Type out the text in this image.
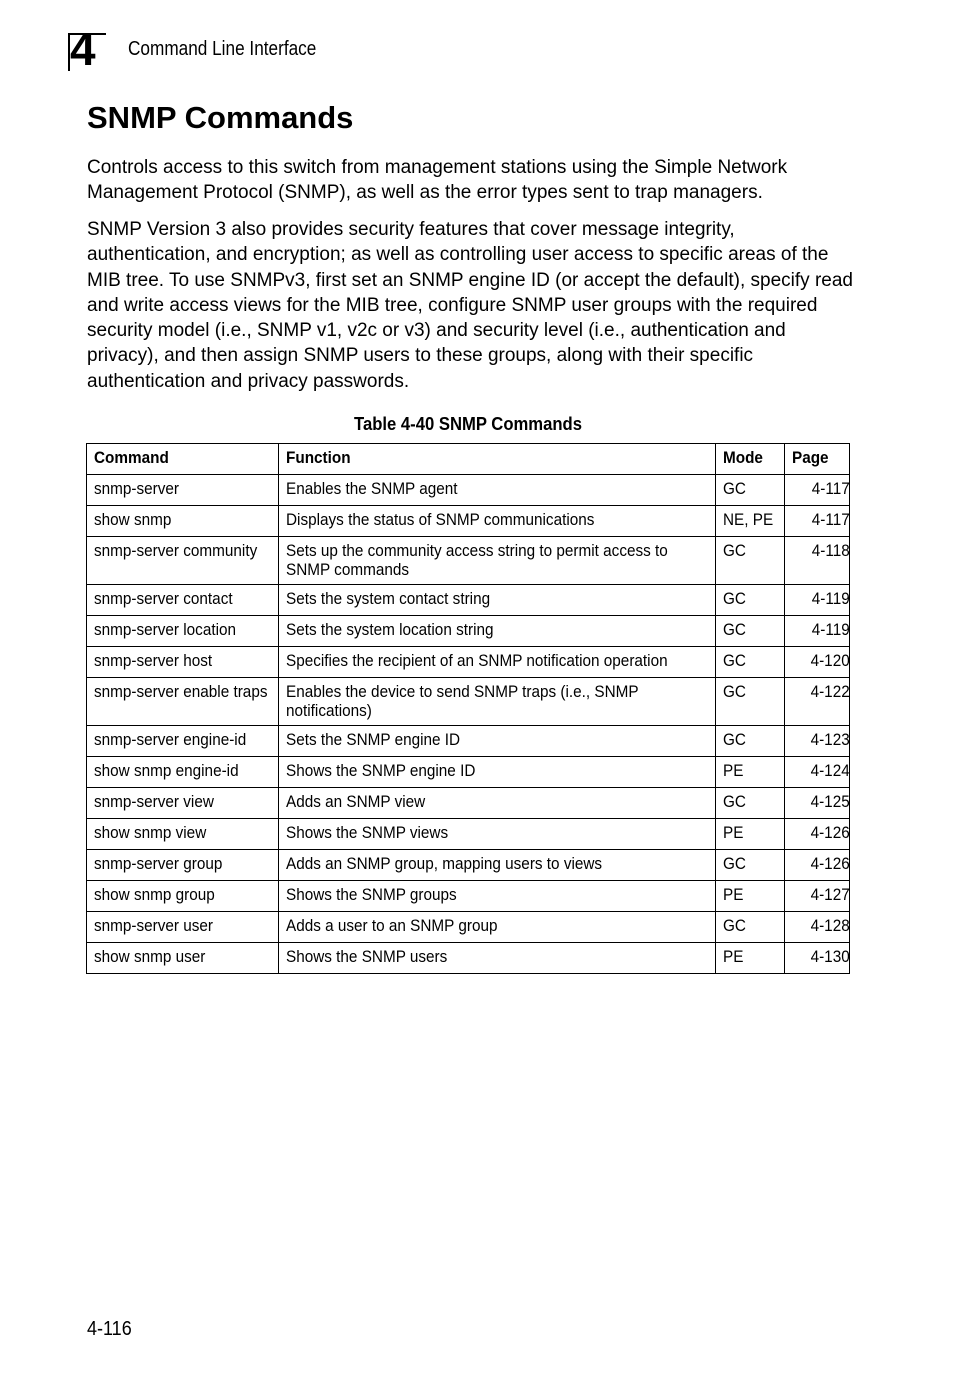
4 Command Line Interface
SNMP Commands

Controls access to this switch from management stations using the Simple Network Management Protocol (SNMP), as well as the error types sent to trap managers.

SNMP Version 3 also provides security features that cover message integrity, authentication, and encryption; as well as controlling user access to specific areas of the MIB tree. To use SNMPv3, first set an SNMP engine ID (or accept the default), specify read and write access views for the MIB tree, configure SNMP user groups with the required security model (i.e., SNMP v1, v2c or v3) and security level (i.e., authentication and privacy), and then assign SNMP users to these groups, along with their specific authentication and privacy passwords.

Table 4-40 SNMP Commands
Command	Function	Mode	Page
snmp-server	Enables the SNMP agent	GC	4-117
show snmp	Displays the status of SNMP communications	NE, PE	4-117
snmp-server community	Sets up the community access string to permit access to SNMP commands	GC	4-118
snmp-server contact	Sets the system contact string	GC	4-119
snmp-server location	Sets the system location string	GC	4-119
snmp-server host	Specifies the recipient of an SNMP notification operation	GC	4-120
snmp-server enable traps	Enables the device to send SNMP traps (i.e., SNMP notifications)	GC	4-122
snmp-server engine-id	Sets the SNMP engine ID	GC	4-123
show snmp engine-id	Shows the SNMP engine ID	PE	4-124
snmp-server view	Adds an SNMP view	GC	4-125
show snmp view	Shows the SNMP views	PE	4-126
snmp-server group	Adds an SNMP group, mapping users to views	GC	4-126
show snmp group	Shows the SNMP groups	PE	4-127
snmp-server user	Adds a user to an SNMP group	GC	4-128
show snmp user	Shows the SNMP users	PE	4-130
4-116
